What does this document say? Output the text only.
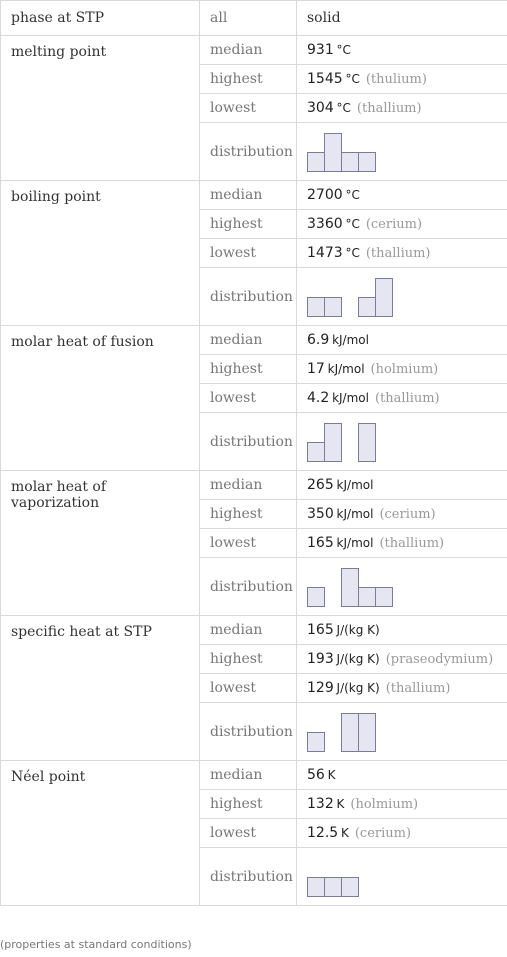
phase at STP	all	solid
melting point	median	931  °C
	highest	1545  °C (thulium)
	lowest	304  °C (thallium)
	distribution	

boiling point	median	2700  °C
	highest	3360  °C (cerium)
	lowest	1473  °C (thallium)
	distribution	

molar heat of fusion	median	6.9  kJ/mol
	highest	17  kJ/mol (holmium)
	lowest	4.2  kJ/mol (thallium)
	distribution	

molar heat of vaporization	median	265  kJ/mol
	highest	350  kJ/mol (cerium)
	lowest	165  kJ/mol (thallium)
	distribution	

specific heat at STP	median	165  J/(kg K)
	highest	193  J/(kg K) (praseodymium)
	lowest	129  J/(kg K) (thallium)
	distribution	

Néel point	median	56  K
	highest	132  K (holmium)
	lowest	12.5  K (cerium)
	distribution	
(properties at standard conditions)
